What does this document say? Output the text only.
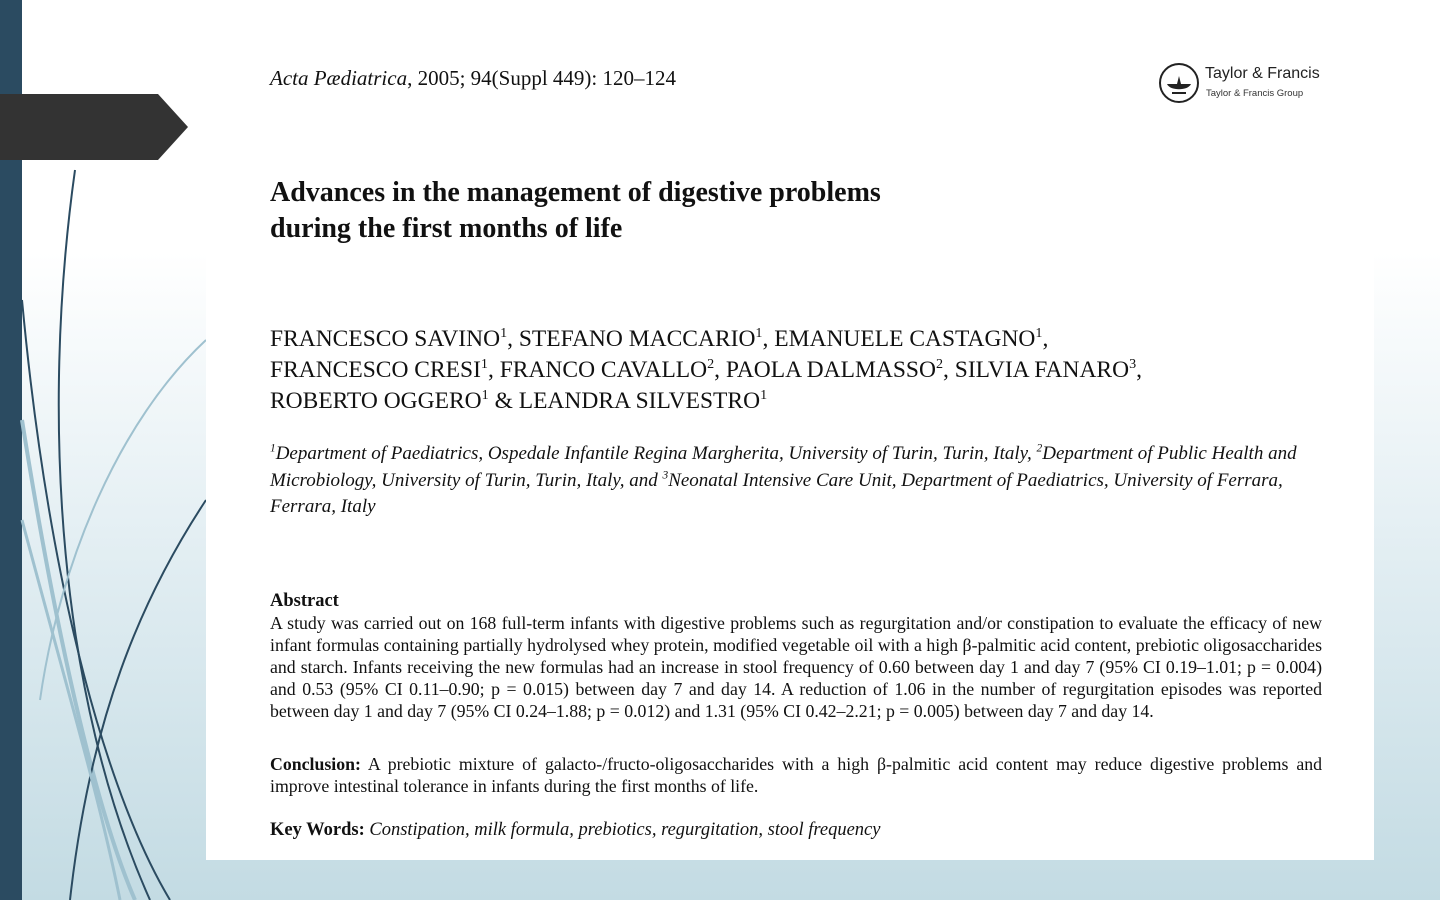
Acta Pædiatrica, 2005; 94(Suppl 449): 120–124	Taylor & Francis
Taylor & Francis Group
Advances in the management of digestive problems
during the first months of life
FRANCESCO SAVINO$^1$, STEFANO MACCARIO$^1$, EMANUELE CASTAGNO$^1$,
FRANCESCO CRESI$^1$, FRANCO CAVALLO$^2$, PAOLA DALMASSO$^2$, SILVIA FANARO$^3$,
ROBERTO OGGERO$^1$ & LEANDRA SILVESTRO$^1$
$^1$Department of Paediatrics, Ospedale Infantile Regina Margherita, University of Turin, Turin, Italy, $^2$Department of Public Health and Microbiology, University of Turin, Turin, Italy, and $^3$Neonatal Intensive Care Unit, Department of Paediatrics, University of Ferrara, Ferrara, Italy
Abstract
A study was carried out on 168 full-term infants with digestive problems such as regurgitation and/or constipation to evaluate the efficacy of new infant formulas containing partially hydrolysed whey protein, modified vegetable oil with a high β-palmitic acid content, prebiotic oligosaccharides and starch. Infants receiving the new formulas had an increase in stool frequency of 0.60 between day 1 and day 7 (95% CI 0.19–1.01; p = 0.004) and 0.53 (95% CI 0.11–0.90; p = 0.015) between day 7 and day 14. A reduction of 1.06 in the number of regurgitation episodes was reported between day 1 and day 7 (95% CI 0.24–1.88; p = 0.012) and 1.31 (95% CI 0.42–2.21; p = 0.005) between day 7 and day 14.
Conclusion: A prebiotic mixture of galacto-/fructo-oligosaccharides with a high β-palmitic acid content may reduce digestive problems and improve intestinal tolerance in infants during the first months of life.
Key Words: Constipation, milk formula, prebiotics, regurgitation, stool frequency
